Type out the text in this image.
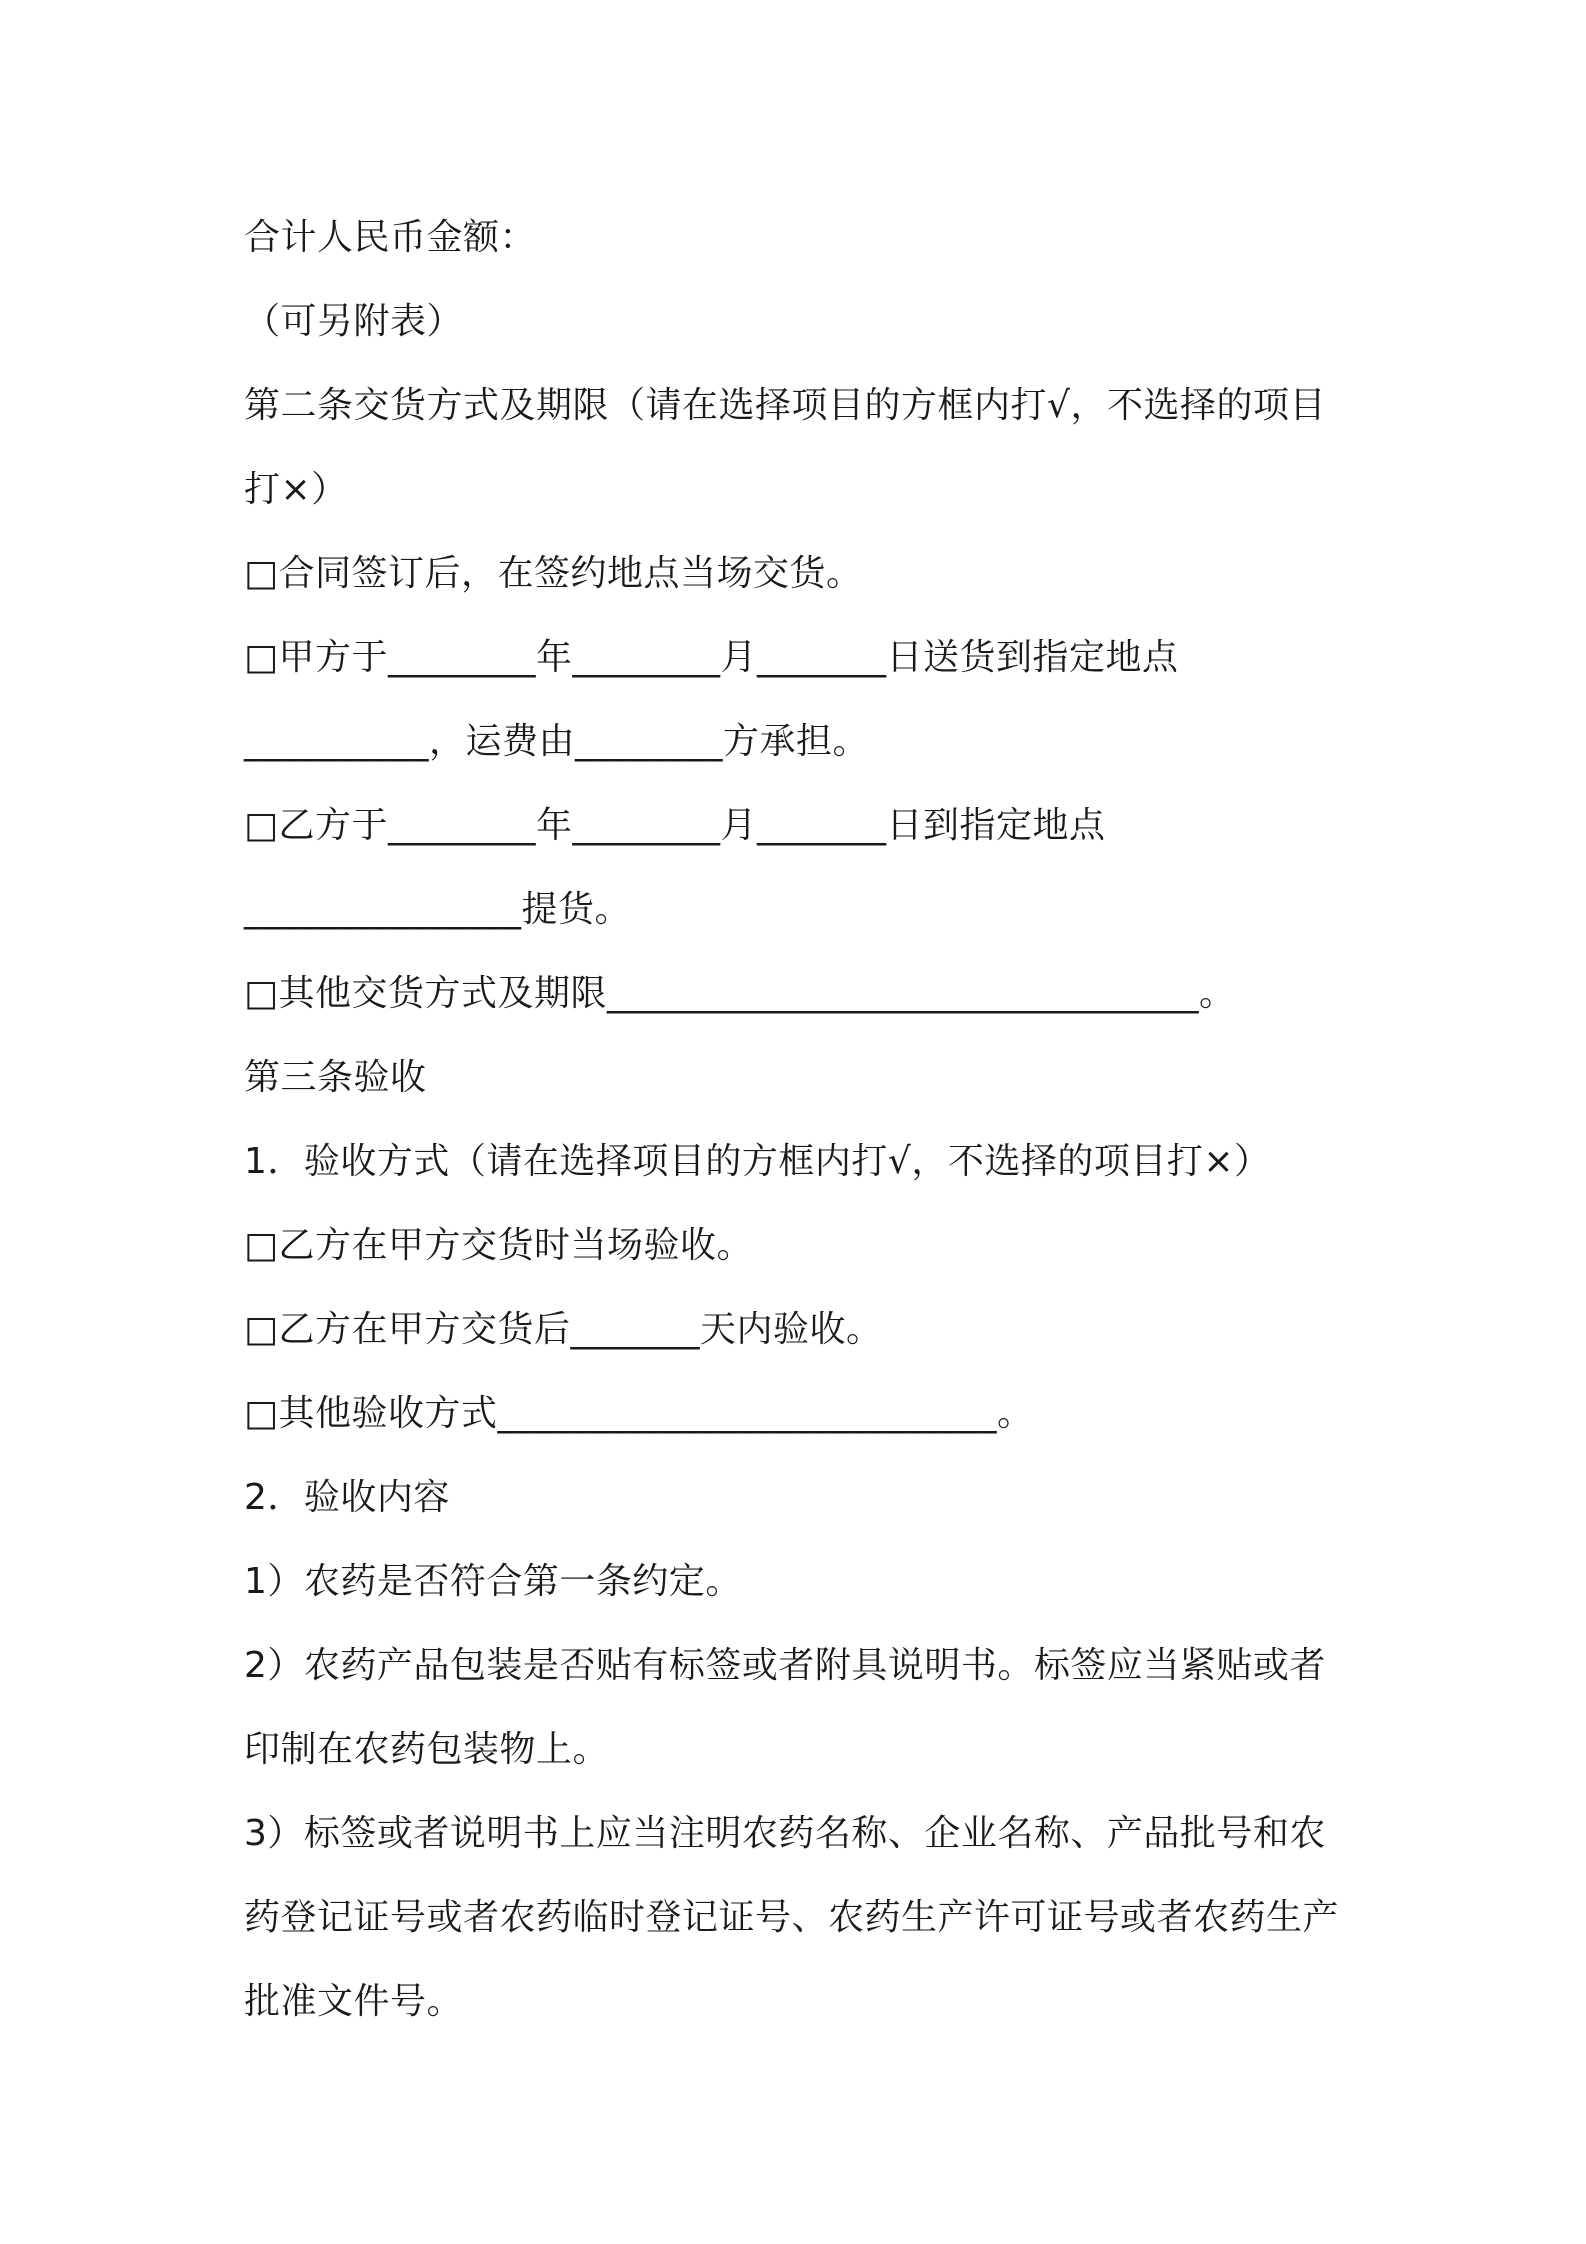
合计人民币金额：
（可另附表）
第二条交货方式及期限（请在选择项目的方框内打√，不选择的项目
打×）
□合同签订后，在签约地点当场交货。
□甲方于________年________月_______日送货到指定地点
__________，运费由________方承担。
□乙方于________年________月_______日到指定地点
_______________提货。
□其他交货方式及期限________________________________。
第三条验收
1．验收方式（请在选择项目的方框内打√，不选择的项目打×）
□乙方在甲方交货时当场验收。
□乙方在甲方交货后_______天内验收。
□其他验收方式___________________________。
2．验收内容
1）农药是否符合第一条约定。
2）农药产品包装是否贴有标签或者附具说明书。标签应当紧贴或者
印制在农药包装物上。
3）标签或者说明书上应当注明农药名称、企业名称、产品批号和农
药登记证号或者农药临时登记证号、农药生产许可证号或者农药生产
批准文件号。
